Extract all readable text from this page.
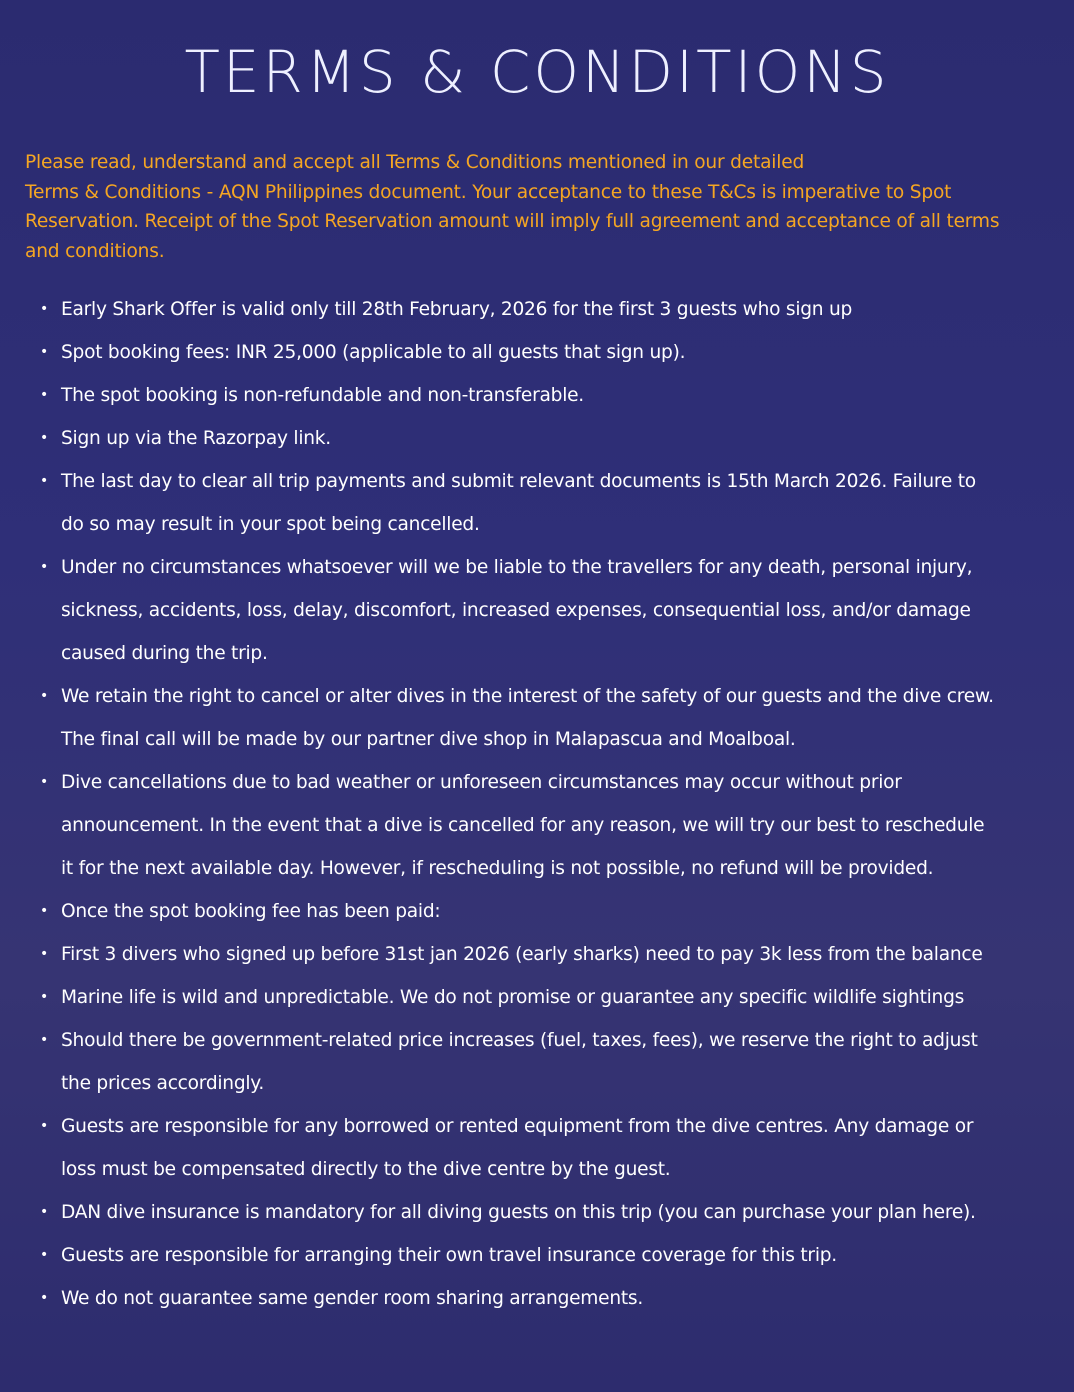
TERMS & CONDITIONS

Please read, understand and accept all Terms & Conditions mentioned in our detailed
Terms & Conditions - AQN Philippines document. Your acceptance to these T&Cs is imperative to Spot
Reservation. Receipt of the Spot Reservation amount will imply full agreement and acceptance of all terms
and conditions.

• Early Shark Offer is valid only till 28th February, 2026 for the first 3 guests who sign up
• Spot booking fees: INR 25,000 (applicable to all guests that sign up).
• The spot booking is non-refundable and non-transferable.
• Sign up via the Razorpay link.
• The last day to clear all trip payments and submit relevant documents is 15th March 2026. Failure to
do so may result in your spot being cancelled.
• Under no circumstances whatsoever will we be liable to the travellers for any death, personal injury,
sickness, accidents, loss, delay, discomfort, increased expenses, consequential loss, and/or damage
caused during the trip.
• We retain the right to cancel or alter dives in the interest of the safety of our guests and the dive crew.
The final call will be made by our partner dive shop in Malapascua and Moalboal.
• Dive cancellations due to bad weather or unforeseen circumstances may occur without prior
announcement. In the event that a dive is cancelled for any reason, we will try our best to reschedule
it for the next available day. However, if rescheduling is not possible, no refund will be provided.
• Once the spot booking fee has been paid:
• First 3 divers who signed up before 31st jan 2026 (early sharks) need to pay 3k less from the balance
• Marine life is wild and unpredictable. We do not promise or guarantee any specific wildlife sightings
• Should there be government-related price increases (fuel, taxes, fees), we reserve the right to adjust
the prices accordingly.
• Guests are responsible for any borrowed or rented equipment from the dive centres. Any damage or
loss must be compensated directly to the dive centre by the guest.
• DAN dive insurance is mandatory for all diving guests on this trip (you can purchase your plan here).
• Guests are responsible for arranging their own travel insurance coverage for this trip.
• We do not guarantee same gender room sharing arrangements.
